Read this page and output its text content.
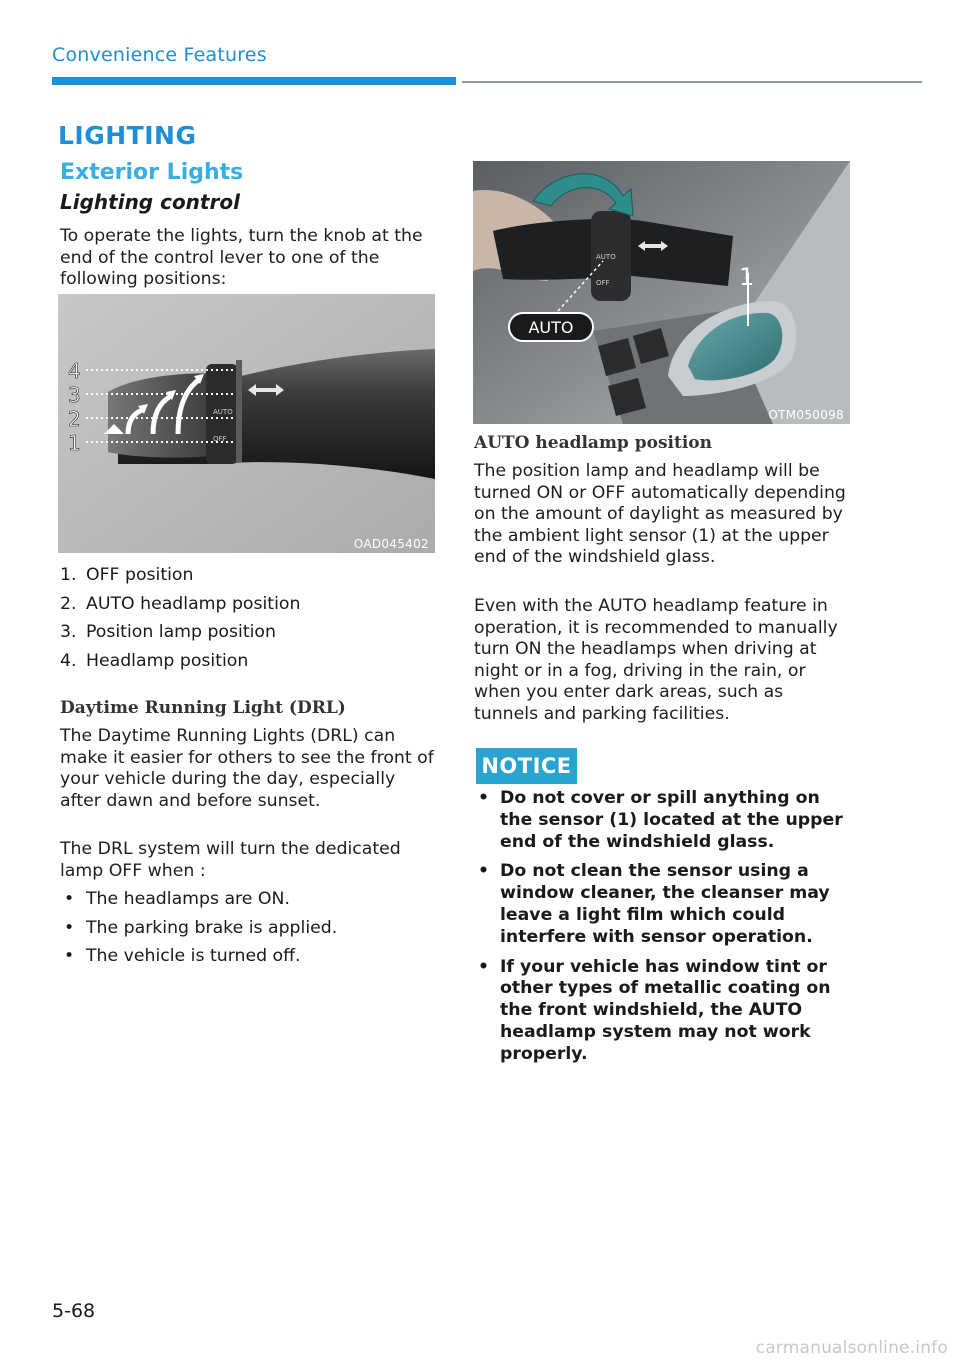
Convenience Features
LIGHTING
Exterior Lights
Lighting control
To operate the lights, turn the knob at the end of the control lever to one of the following positions:
AUTO
OFF
4
3
2
1
OAD045402
1. OFF position
2. AUTO headlamp position
3. Position lamp position
4. Headlamp position
Daytime Running Light (DRL)
The Daytime Running Lights (DRL) can make it easier for others to see the front of your vehicle during the day, especially after dawn and before sunset.
The DRL system will turn the dedicated lamp OFF when :
• The headlamps are ON.
• The parking brake is applied.
• The vehicle is turned off.
AUTO
OFF
AUTO
1
OTM050098
AUTO headlamp position
The position lamp and headlamp will be turned ON or OFF automatically depending on the amount of daylight as measured by the ambient light sensor (1) at the upper end of the windshield glass.
Even with the AUTO headlamp feature in operation, it is recommended to manually turn ON the headlamps when driving at night or in a fog, driving in the rain, or when you enter dark areas, such as tunnels and parking facilities.
NOTICE
• Do not cover or spill anything on the sensor (1) located at the upper end of the windshield glass.
• Do not clean the sensor using a window cleaner, the cleanser may leave a light film which could interfere with sensor operation.
• If your vehicle has window tint or other types of metallic coating on the front windshield, the AUTO headlamp system may not work properly.
5-68
carmanualsonline.info
